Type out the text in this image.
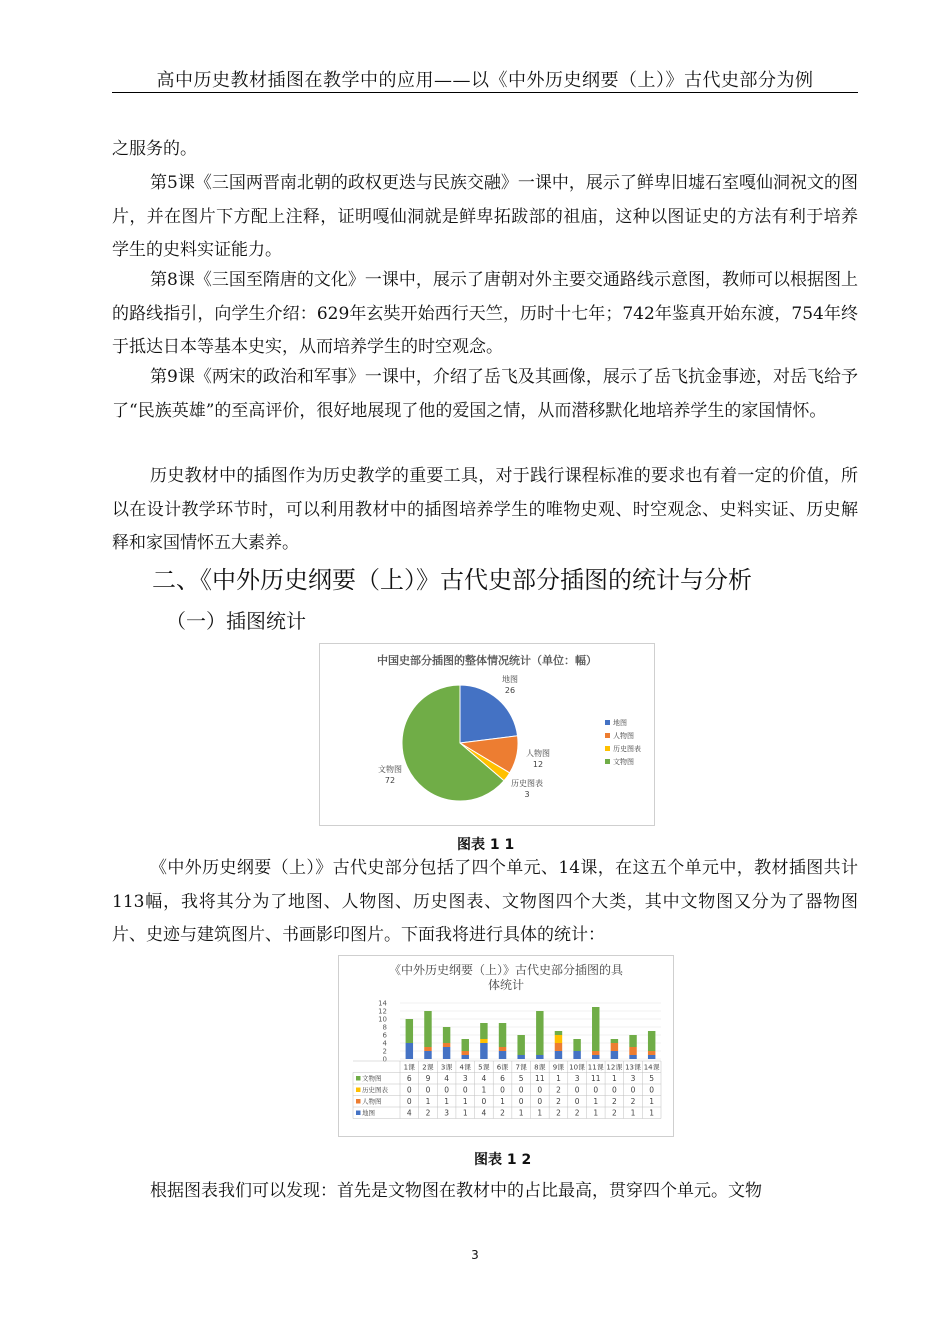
高中历史教材插图在教学中的应用——以《中外历史纲要（上）》古代史部分为例

之服务的。

第5课《三国两晋南北朝的政权更迭与民族交融》一课中，展示了鲜卑旧墟石室嘎仙洞祝文的图片，并在图片下方配上注释，证明嘎仙洞就是鲜卑拓跋部的祖庙，这种以图证史的方法有利于培养学生的史料实证能力。

第8课《三国至隋唐的文化》一课中，展示了唐朝对外主要交通路线示意图，教师可以根据图上的路线指引，向学生介绍：629年玄奘开始西行天竺，历时十七年；742年鉴真开始东渡，754年终于抵达日本等基本史实，从而培养学生的时空观念。

第9课《两宋的政治和军事》一课中，介绍了岳飞及其画像，展示了岳飞抗金事迹，对岳飞给予了“民族英雄”的至高评价，很好地展现了他的爱国之情，从而潜移默化地培养学生的家国情怀。

历史教材中的插图作为历史教学的重要工具，对于践行课程标准的要求也有着一定的价值，所以在设计教学环节时，可以利用教材中的插图培养学生的唯物史观、时空观念、史料实证、历史解释和家国情怀五大素养。

二、《中外历史纲要（上）》古代史部分插图的统计与分析
（一）插图统计
中国史部分插图的整体情况统计（单位：幅）
地图
26
人物图
12
历史图表
3
文物图
72
地图
人物图
历史图表
文物图
图表 1 1

《中外历史纲要（上）》古代史部分包括了四个单元、14课，在这五个单元中，教材插图共计113幅，我将其分为了地图、人物图、历史图表、文物图四个大类，其中文物图又分为了器物图片、史迹与建筑图片、书画影印图片。下面我将进行具体的统计：

《中外历史纲要（上）》古代史部分插图的具
体统计
0
2
4
6
8
10
12
14
1课 2课 3课 4课 5课 6课 7课 8课 9课 10课 11课 12课 13课 14课
文物图	6 9 4 3 4 6 5 11 1 3 11 1 3 5
历史图表	0 0 0 0 1 0 0 0 2 0 0 0 0 0
人物图	0 1 1 1 0 1 0 0 2 0 1 2 2 1
地图	4 2 3 1 4 2 1 1 2 2 1 2 1 1
图表 1 2

根据图表我们可以发现：首先是文物图在教材中的占比最高，贯穿四个单元。文物

3
